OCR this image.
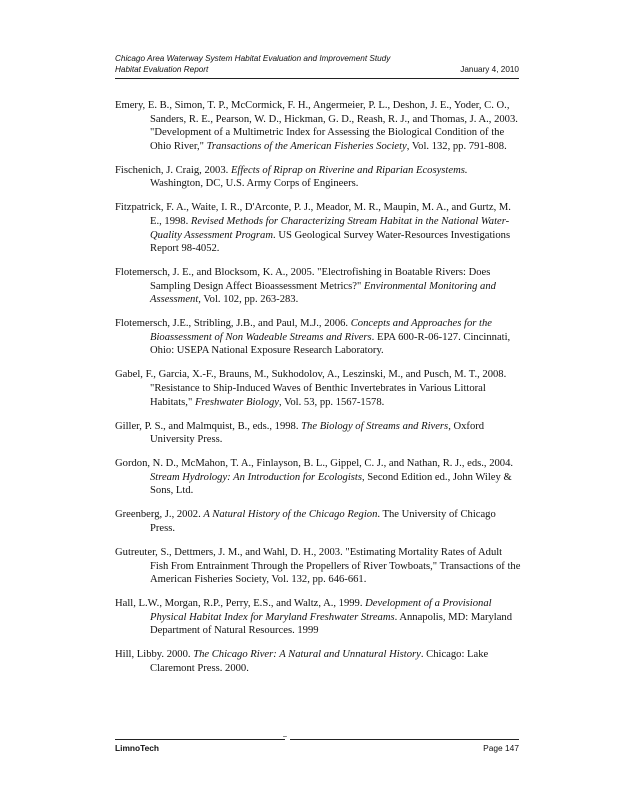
Chicago Area Waterway System Habitat Evaluation and Improvement Study
Habitat Evaluation Report	January 4, 2010

Emery, E. B., Simon, T. P., McCormick, F. H., Angermeier, P. L., Deshon, J. E., Yoder, C. O., Sanders, R. E., Pearson, W. D., Hickman, G. D., Reash, R. J., and Thomas, J. A., 2003. "Development of a Multimetric Index for Assessing the Biological Condition of the Ohio River," Transactions of the American Fisheries Society, Vol. 132, pp. 791-808.

Fischenich, J. Craig, 2003. Effects of Riprap on Riverine and Riparian Ecosystems. Washington, DC, U.S. Army Corps of Engineers.

Fitzpatrick, F. A., Waite, I. R., D'Arconte, P. J., Meador, M. R., Maupin, M. A., and Gurtz, M. E., 1998. Revised Methods for Characterizing Stream Habitat in the National Water-Quality Assessment Program. US Geological Survey Water-Resources Investigations Report 98-4052.

Flotemersch, J. E., and Blocksom, K. A., 2005. "Electrofishing in Boatable Rivers: Does Sampling Design Affect Bioassessment Metrics?" Environmental Monitoring and Assessment, Vol. 102, pp. 263-283.

Flotemersch, J.E., Stribling, J.B., and Paul, M.J., 2006. Concepts and Approaches for the Bioassessment of Non Wadeable Streams and Rivers. EPA 600-R-06-127. Cincinnati, Ohio: USEPA National Exposure Research Laboratory.

Gabel, F., Garcia, X.-F., Brauns, M., Sukhodolov, A., Leszinski, M., and Pusch, M. T., 2008. "Resistance to Ship-Induced Waves of Benthic Invertebrates in Various Littoral Habitats," Freshwater Biology, Vol. 53, pp. 1567-1578.

Giller, P. S., and Malmquist, B., eds., 1998. The Biology of Streams and Rivers, Oxford University Press.

Gordon, N. D., McMahon, T. A., Finlayson, B. L., Gippel, C. J., and Nathan, R. J., eds., 2004. Stream Hydrology: An Introduction for Ecologists, Second Edition ed., John Wiley & Sons, Ltd.

Greenberg, J., 2002. A Natural History of the Chicago Region. The University of Chicago Press.

Gutreuter, S., Dettmers, J. M., and Wahl, D. H., 2003. "Estimating Mortality Rates of Adult Fish From Entrainment Through the Propellers of River Towboats," Transactions of the American Fisheries Society, Vol. 132, pp. 646-661.

Hall, L.W., Morgan, R.P., Perry, E.S., and Waltz, A., 1999. Development of a Provisional Physical Habitat Index for Maryland Freshwater Streams. Annapolis, MD: Maryland Department of Natural Resources. 1999

Hill, Libby. 2000. The Chicago River: A Natural and Unnatural History. Chicago: Lake Claremont Press. 2000.

–
LimnoTech	Page 147
